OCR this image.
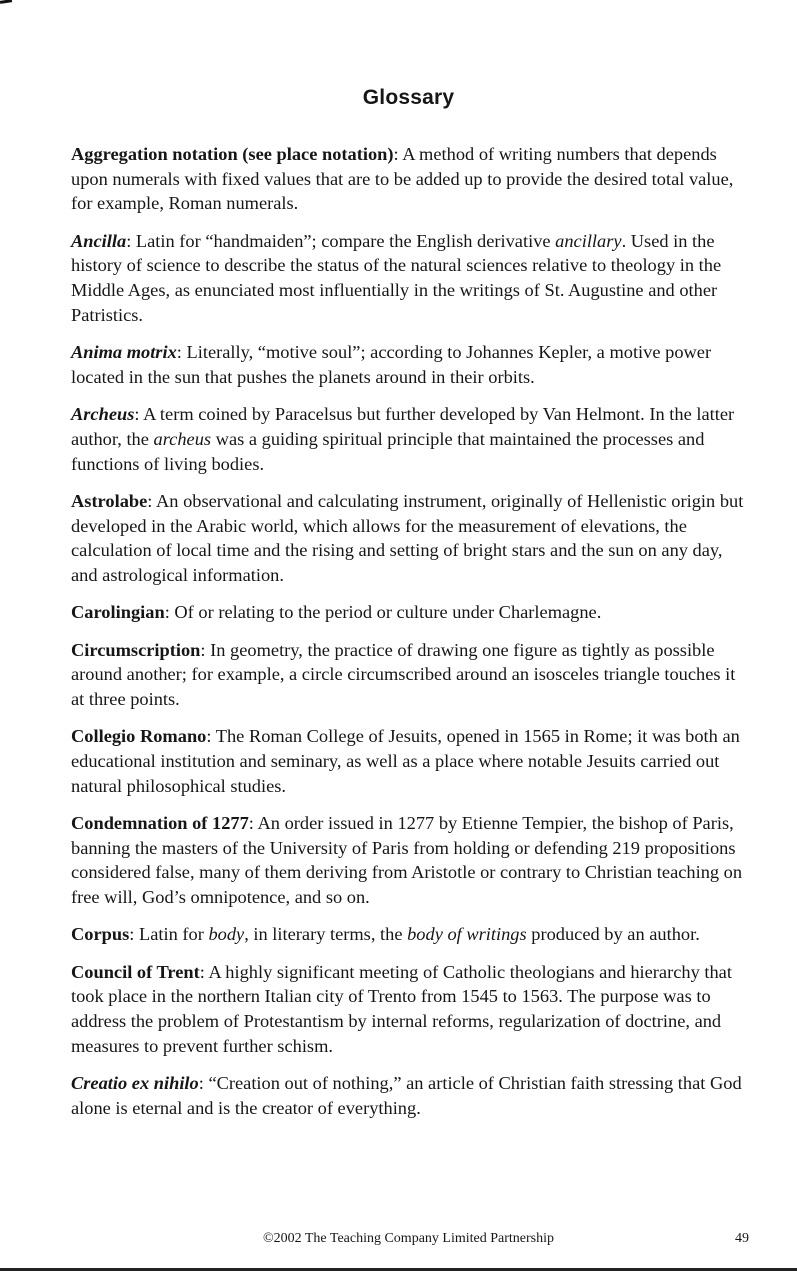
Glossary

Aggregation notation (see place notation): A method of writing numbers that depends upon numerals with fixed values that are to be added up to provide the desired total value, for example, Roman numerals.

Ancilla: Latin for “handmaiden”; compare the English derivative ancillary. Used in the history of science to describe the status of the natural sciences relative to theology in the Middle Ages, as enunciated most influentially in the writings of St. Augustine and other Patristics.

Anima motrix: Literally, “motive soul”; according to Johannes Kepler, a motive power located in the sun that pushes the planets around in their orbits.

Archeus: A term coined by Paracelsus but further developed by Van Helmont. In the latter author, the archeus was a guiding spiritual principle that maintained the processes and functions of living bodies.

Astrolabe: An observational and calculating instrument, originally of Hellenistic origin but developed in the Arabic world, which allows for the measurement of elevations, the calculation of local time and the rising and setting of bright stars and the sun on any day, and astrological information.

Carolingian: Of or relating to the period or culture under Charlemagne.

Circumscription: In geometry, the practice of drawing one figure as tightly as possible around another; for example, a circle circumscribed around an isosceles triangle touches it at three points.

Collegio Romano: The Roman College of Jesuits, opened in 1565 in Rome; it was both an educational institution and seminary, as well as a place where notable Jesuits carried out natural philosophical studies.

Condemnation of 1277: An order issued in 1277 by Etienne Tempier, the bishop of Paris, banning the masters of the University of Paris from holding or defending 219 propositions considered false, many of them deriving from Aristotle or contrary to Christian teaching on free will, God’s omnipotence, and so on.

Corpus: Latin for body, in literary terms, the body of writings produced by an author.

Council of Trent: A highly significant meeting of Catholic theologians and hierarchy that took place in the northern Italian city of Trento from 1545 to 1563. The purpose was to address the problem of Protestantism by internal reforms, regularization of doctrine, and measures to prevent further schism.

Creatio ex nihilo: “Creation out of nothing,” an article of Christian faith stressing that God alone is eternal and is the creator of everything.

©2002 The Teaching Company Limited Partnership	49
